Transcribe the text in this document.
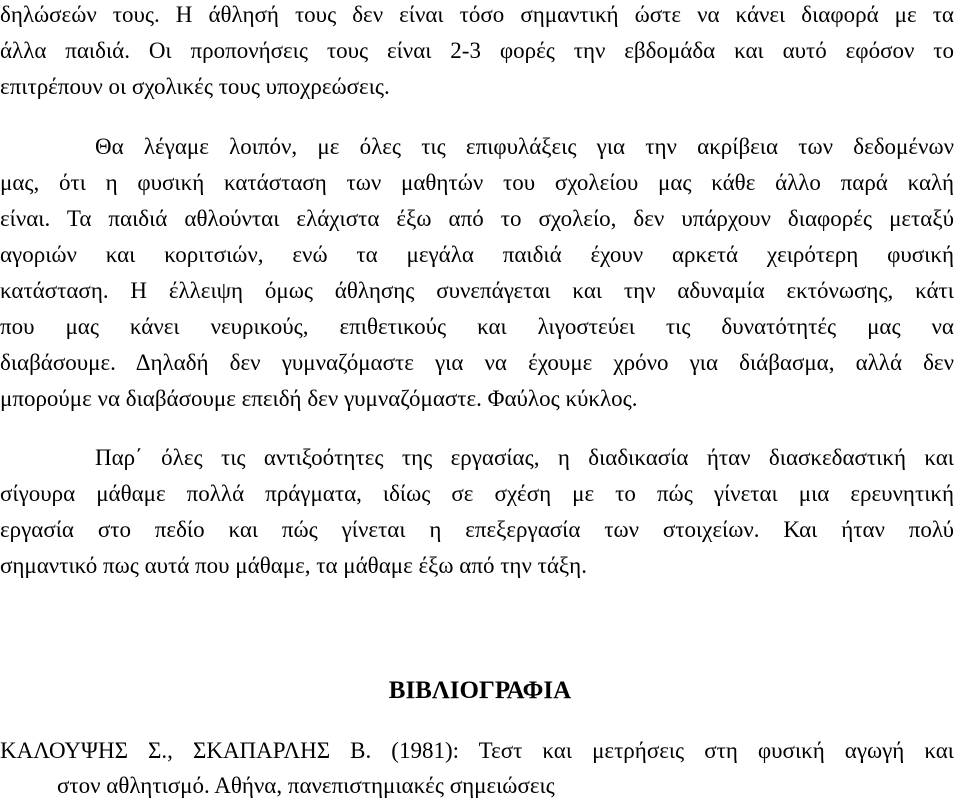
δηλώσεών τους. Η άθλησή τους δεν είναι τόσο σημαντική ώστε να κάνει διαφορά με τα

άλλα παιδιά. Οι προπονήσεις τους είναι 2-3 φορές την εβδομάδα και αυτό εφόσον το

επιτρέπουν οι σχολικές τους υποχρεώσεις.

Θα λέγαμε λοιπόν, με όλες τις επιφυλάξεις για την ακρίβεια των δεδομένων

μας, ότι η φυσική κατάσταση των μαθητών του σχολείου μας κάθε άλλο παρά καλή

είναι. Τα παιδιά αθλούνται ελάχιστα έξω από το σχολείο, δεν υπάρχουν διαφορές μεταξύ

αγοριών και κοριτσιών, ενώ τα μεγάλα παιδιά έχουν αρκετά χειρότερη φυσική

κατάσταση. Η έλλειψη όμως άθλησης συνεπάγεται και την αδυναμία εκτόνωσης, κάτι

που μας κάνει νευρικούς, επιθετικούς και λιγοστεύει τις δυνατότητές μας να

διαβάσουμε. Δηλαδή δεν γυμναζόμαστε για να έχουμε χρόνο για διάβασμα, αλλά δεν

μπορούμε να διαβάσουμε επειδή δεν γυμναζόμαστε. Φαύλος κύκλος.

Παρ΄ όλες τις αντιξοότητες της εργασίας, η διαδικασία ήταν διασκεδαστική και

σίγουρα μάθαμε πολλά πράγματα, ιδίως σε σχέση με το πώς γίνεται μια ερευνητική

εργασία στο πεδίο και πώς γίνεται η επεξεργασία των στοιχείων. Και ήταν πολύ

σημαντικό πως αυτά που μάθαμε, τα μάθαμε έξω από την τάξη.

ΒΙΒΛΙΟΓΡΑΦΙΑ

ΚΑΛΟΥΨΗΣ Σ., ΣΚΑΠΑΡΛΗΣ Β. (1981): Τεστ και μετρήσεις στη φυσική αγωγή και

στον αθλητισμό. Αθήνα, πανεπιστημιακές σημειώσεις
